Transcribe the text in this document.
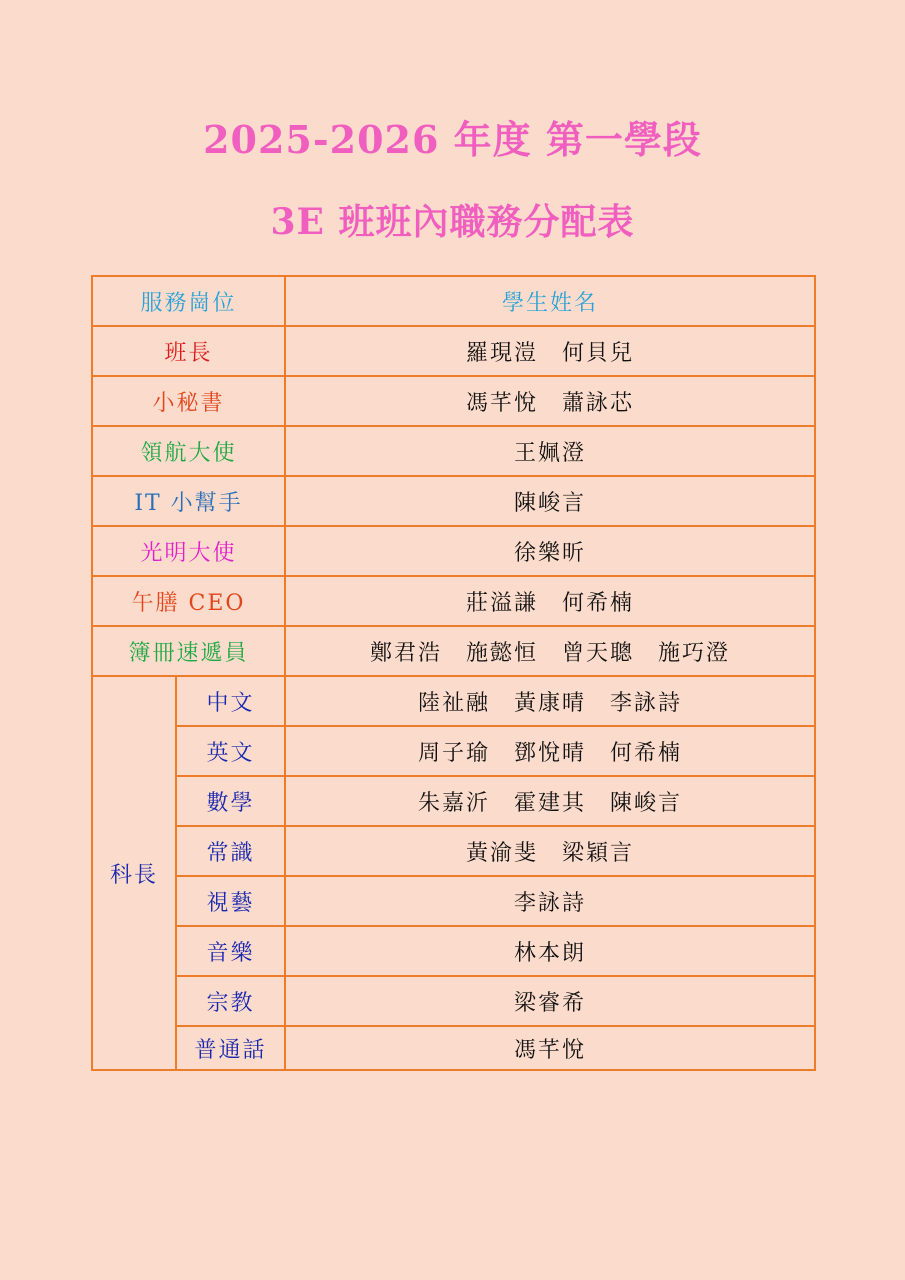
2025-2026 年度 第一學段
3E 班班內職務分配表
服務崗位		學生姓名
班長		羅現溰　何貝兒
小秘書		馮芊悅　蕭詠芯
領航大使		王姵澄
IT 小幫手		陳峻言
光明大使		徐樂昕
午膳 CEO		莊溢謙　何希楠
簿冊速遞員		鄭君浩　施懿恒　曾天聰　施巧澄
科長	中文	陸祉融　黃康晴　李詠詩
	英文	周子瑜　鄧悅晴　何希楠
	數學	朱嘉沂　霍建其　陳峻言
	常識	黃渝斐　梁穎言
	視藝	李詠詩
	音樂	林本朗
	宗教	梁睿希
	普通話	馮芊悅
